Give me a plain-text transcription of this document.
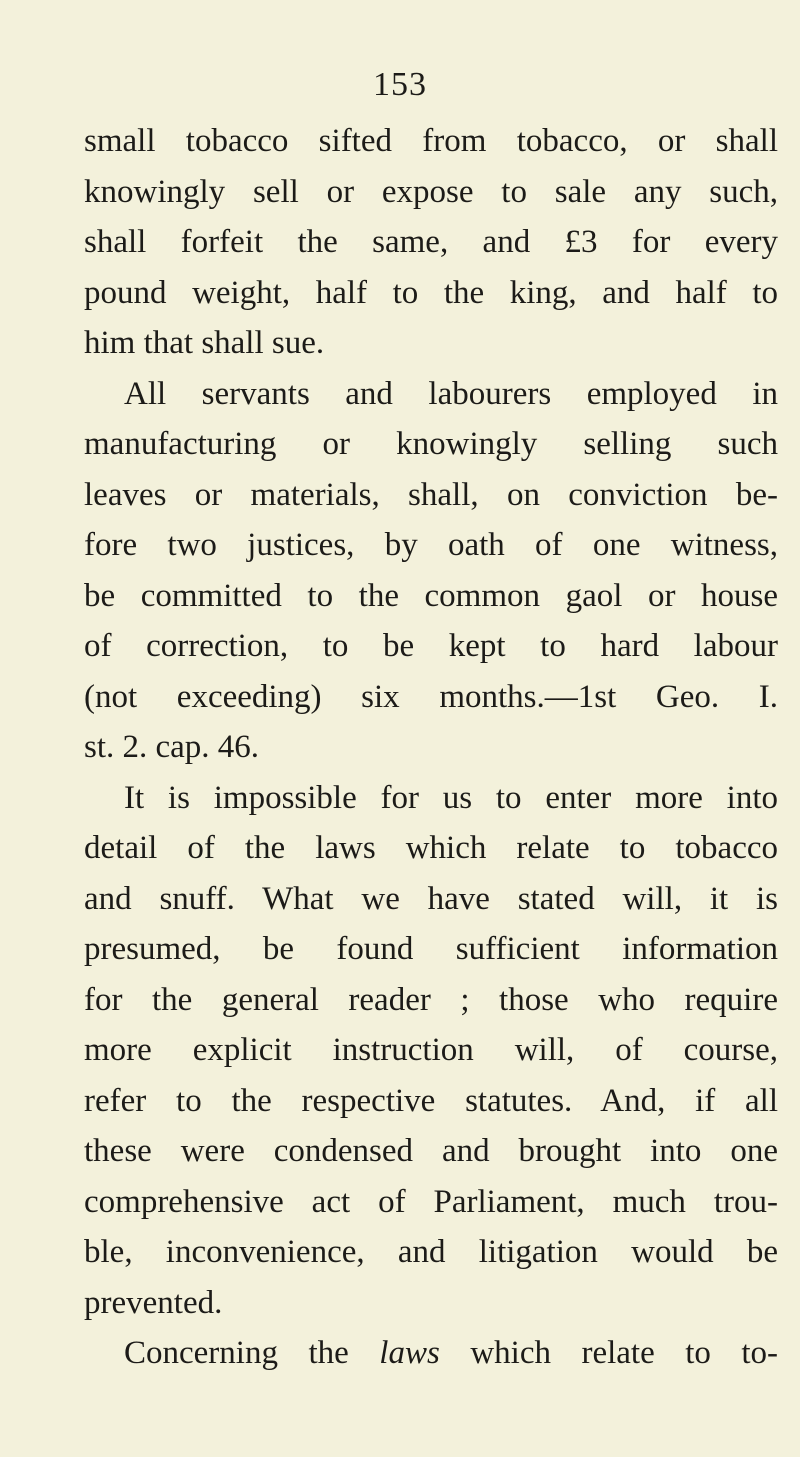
153

small tobacco sifted from tobacco, or shall

knowingly sell or expose to sale any such,

shall forfeit the same, and £3 for every

pound weight, half to the king, and half to

him that shall sue.

All servants and labourers employed in

manufacturing or knowingly selling such

leaves or materials, shall, on conviction be-

fore two justices, by oath of one witness,

be committed to the common gaol or house

of correction, to be kept to hard labour

(not exceeding) six months.—1st Geo. I.

st. 2. cap. 46.

It is impossible for us to enter more into

detail of the laws which relate to tobacco

and snuff. What we have stated will, it is

presumed, be found sufficient information

for the general reader ; those who require

more explicit instruction will, of course,

refer to the respective statutes. And, if all

these were condensed and brought into one

comprehensive act of Parliament, much trou-

ble, inconvenience, and litigation would be

prevented.

Concerning the laws which relate to to-
